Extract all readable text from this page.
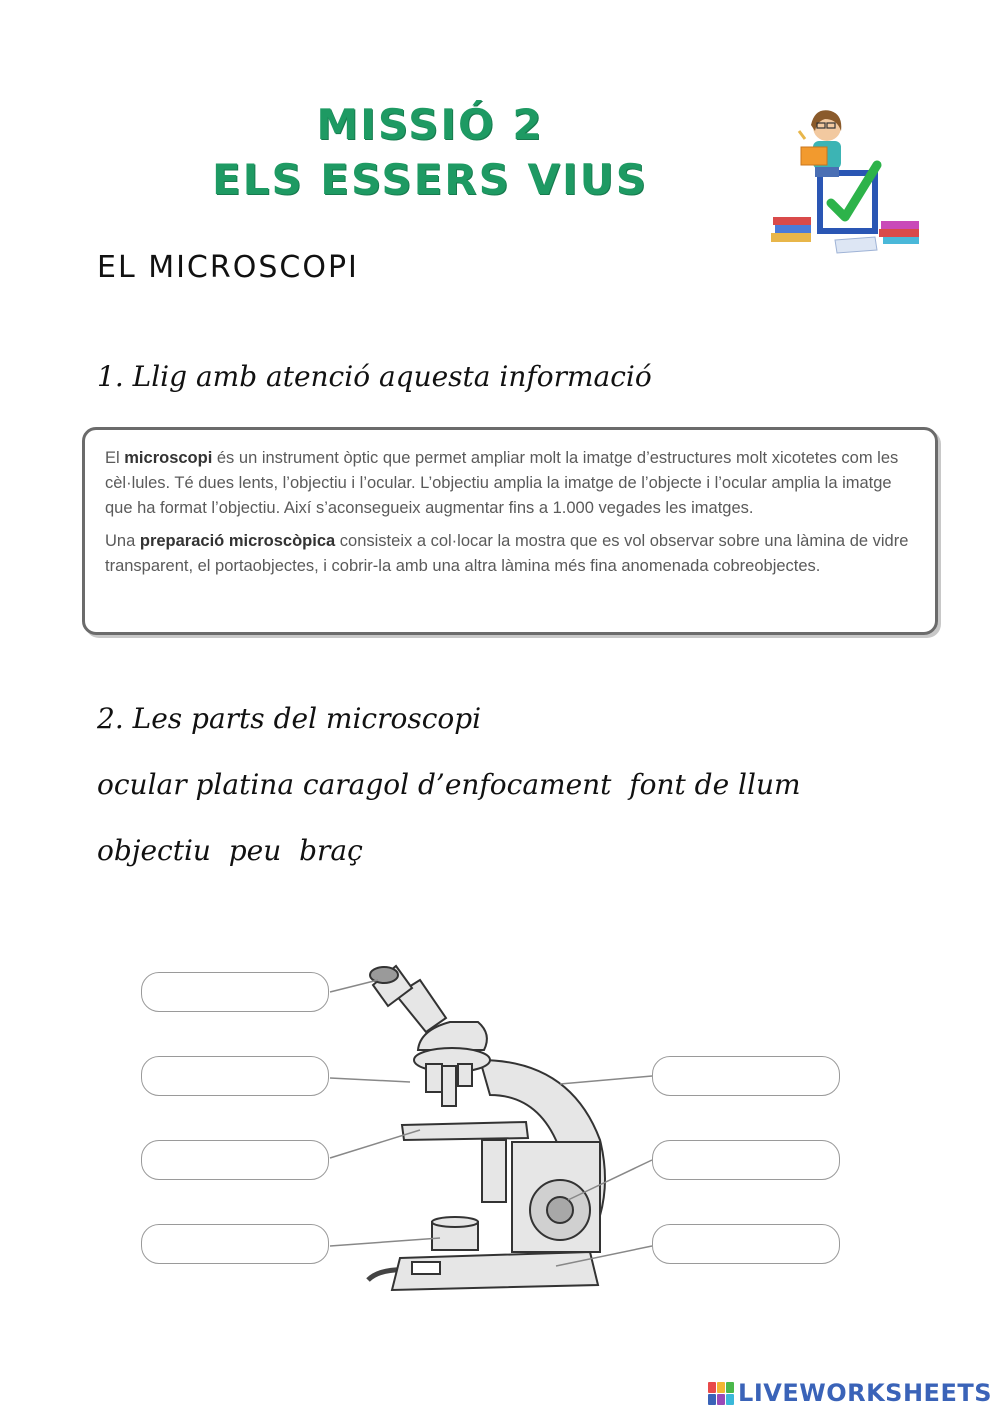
MISSIÓ 2
ELS ESSERS VIUS
EL MICROSCOPI
1. Llig amb atenció aquesta informació

El microscopi és un instrument òptic que permet ampliar molt la imatge d’estructures molt xicotetes com les cèl·lules. Té dues lents, l’objectiu i l’ocular. L’objectiu amplia la imatge de l’objecte i l’ocular amplia la imatge que ha format l’objectiu. Així s’aconsegueix augmentar fins a 1.000 vegades les imatges.

Una preparació microscòpica consisteix a col·locar la mostra que es vol observar sobre una làmina de vidre transparent, el portaobjectes, i cobrir-la amb una altra làmina més fina anomenada cobreobjectes.

2. Les parts del microscopi
ocular platina caragol d’enfocament  font de llum
objectiu  peu  braç
LIVEWORKSHEETS
